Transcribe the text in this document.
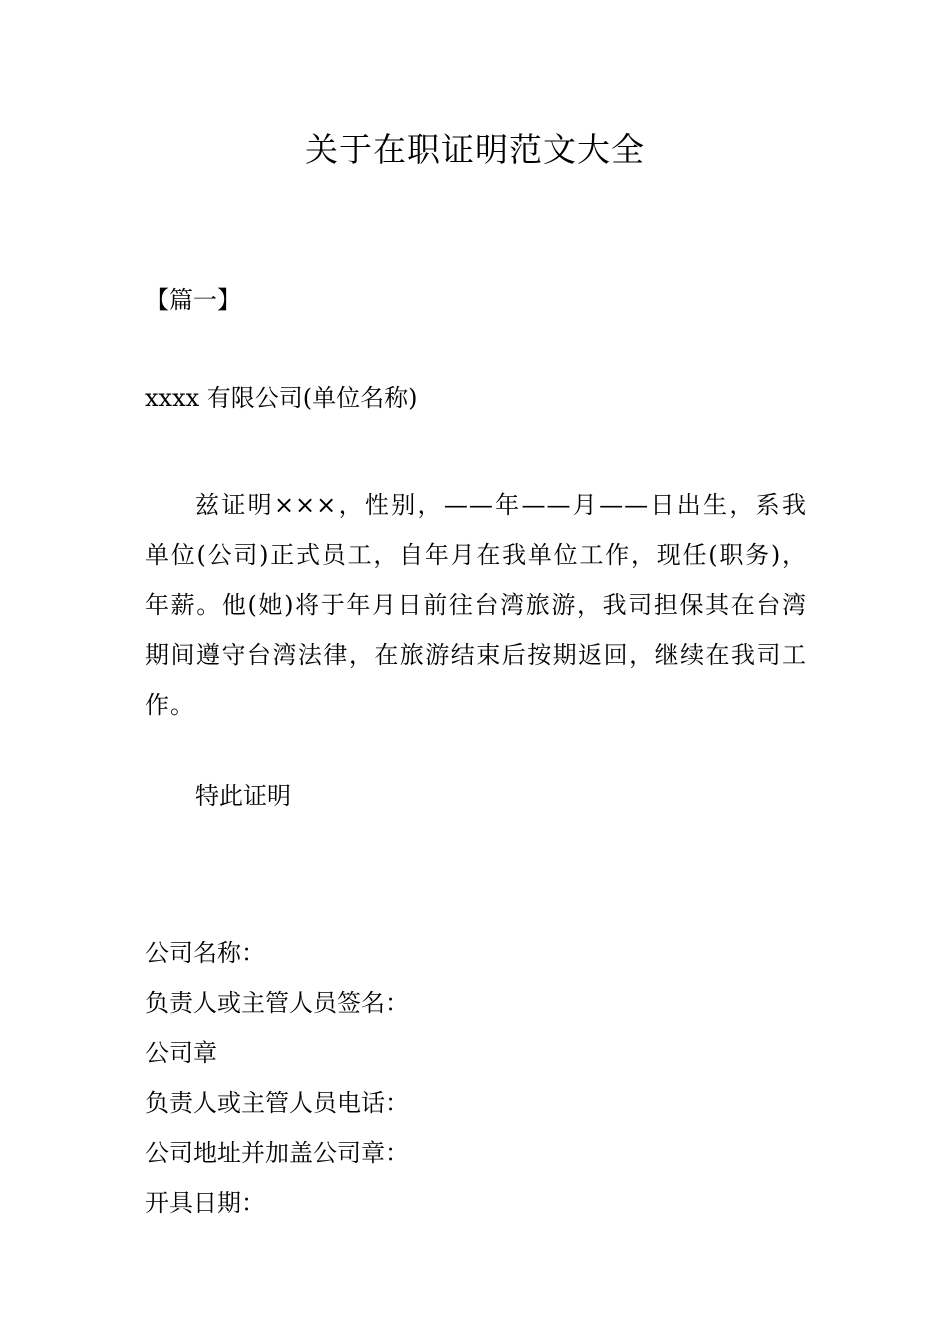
关于在职证明范文大全

【篇一】

xxxx 有限公司(单位名称)

兹证明×××，性别，——年——月——日出生，系我单位(公司)正式员工，自年月在我单位工作，现任(职务)，年薪。他(她)将于年月日前往台湾旅游，我司担保其在台湾期间遵守台湾法律，在旅游结束后按期返回，继续在我司工作。

特此证明

公司名称：
负责人或主管人员签名：
公司章
负责人或主管人员电话：
公司地址并加盖公司章：
开具日期：
